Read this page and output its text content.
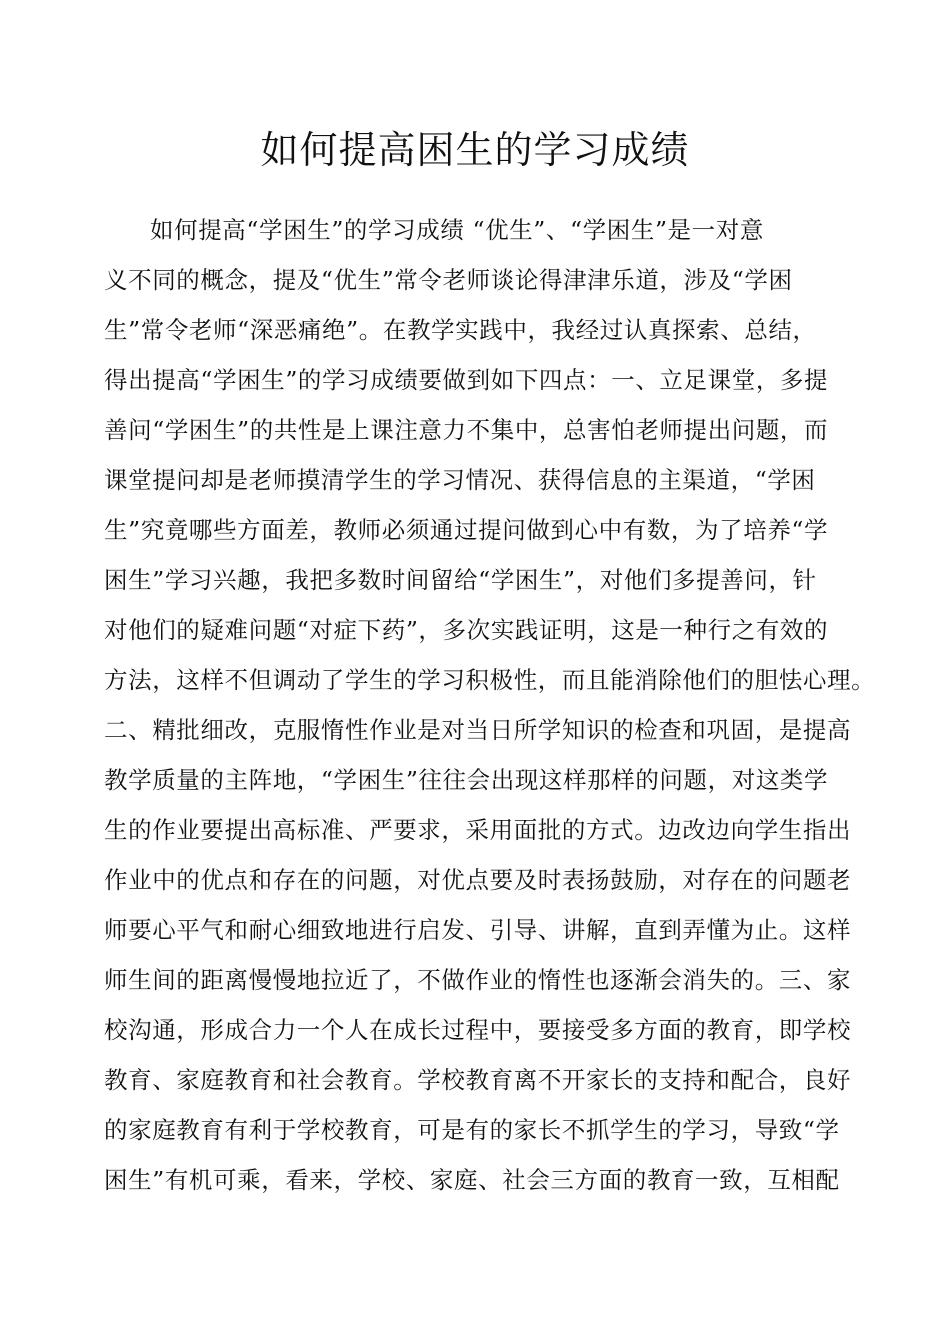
如何提高困生的学习成绩
如何提高“学困生”的学习成绩 “优生”、“学困生”是一对意
义不同的概念，提及“优生”常令老师谈论得津津乐道，涉及“学困
生”常令老师“深恶痛绝”。在教学实践中，我经过认真探索、总结，
得出提高“学困生”的学习成绩要做到如下四点：一、立足课堂，多提
善问“学困生”的共性是上课注意力不集中，总害怕老师提出问题，而
课堂提问却是老师摸清学生的学习情况、获得信息的主渠道，“学困
生”究竟哪些方面差，教师必须通过提问做到心中有数，为了培养“学
困生”学习兴趣，我把多数时间留给“学困生”，对他们多提善问，针
对他们的疑难问题“对症下药”，多次实践证明，这是一种行之有效的
方法，这样不但调动了学生的学习积极性，而且能消除他们的胆怯心理。
二、精批细改，克服惰性作业是对当日所学知识的检查和巩固，是提高
教学质量的主阵地，“学困生”往往会出现这样那样的问题，对这类学
生的作业要提出高标准、严要求，采用面批的方式。边改边向学生指出
作业中的优点和存在的问题，对优点要及时表扬鼓励，对存在的问题老
师要心平气和耐心细致地进行启发、引导、讲解，直到弄懂为止。这样
师生间的距离慢慢地拉近了，不做作业的惰性也逐渐会消失的。三、家
校沟通，形成合力一个人在成长过程中，要接受多方面的教育，即学校
教育、家庭教育和社会教育。学校教育离不开家长的支持和配合，良好
的家庭教育有利于学校教育，可是有的家长不抓学生的学习，导致“学
困生”有机可乘，看来，学校、家庭、社会三方面的教育一致，互相配
